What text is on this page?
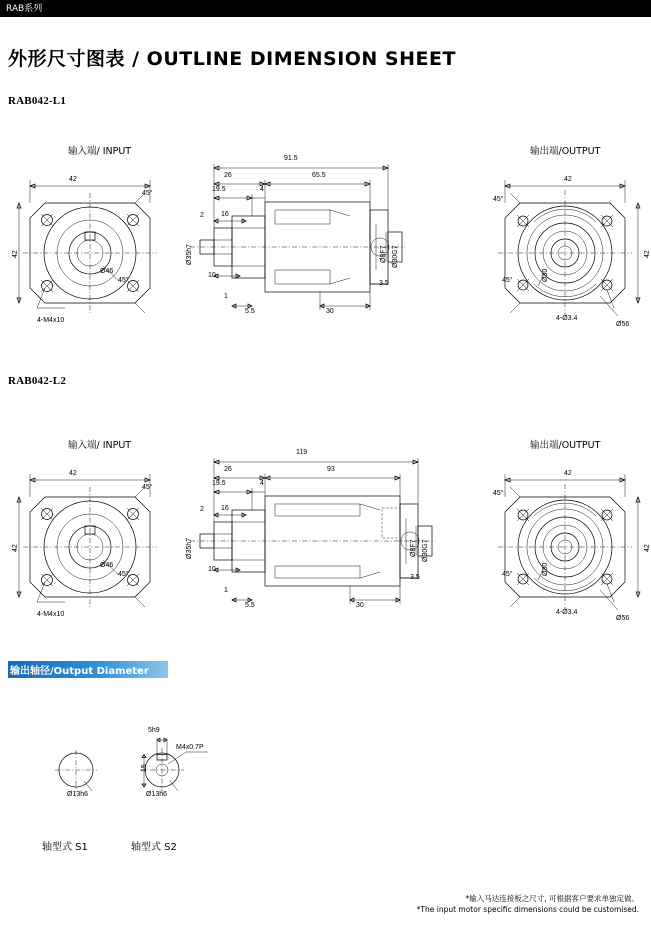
RAB系列
外形尺寸图表 / OUTLINE DIMENSION SHEET
RAB042-L1
输入端/ INPUT	输出端/OUTPUT
42
42
Ø46
45°
45°
4-M4x10
91.5
26	65.5
19.5	4
16
2
10
1
5.5	30
3.5
Ø35h7	Ø8F7 Ø30G7
42
42
45°
45°	Ø30
4-Ø3.4
Ø56
RAB042-L2
输入端/ INPUT	输出端/OUTPUT
42
42
Ø46
45°
45°
4-M4x10
119
26	93
19.5	4
16
2
10
1
5.5	30
3.5
Ø35h7	Ø8F7 Ø30G7
42
42
45°
45°	Ø30
4-Ø3.4
Ø56
输出轴径/Output Diameter
Ø13h6
轴型式 S1
5h9
15
M4x0.7P
Ø13h6
轴型式 S2
*输入马达连接板之尺寸, 可根据客户要求单独定做。
*The input motor specific dimensions could be customised.
